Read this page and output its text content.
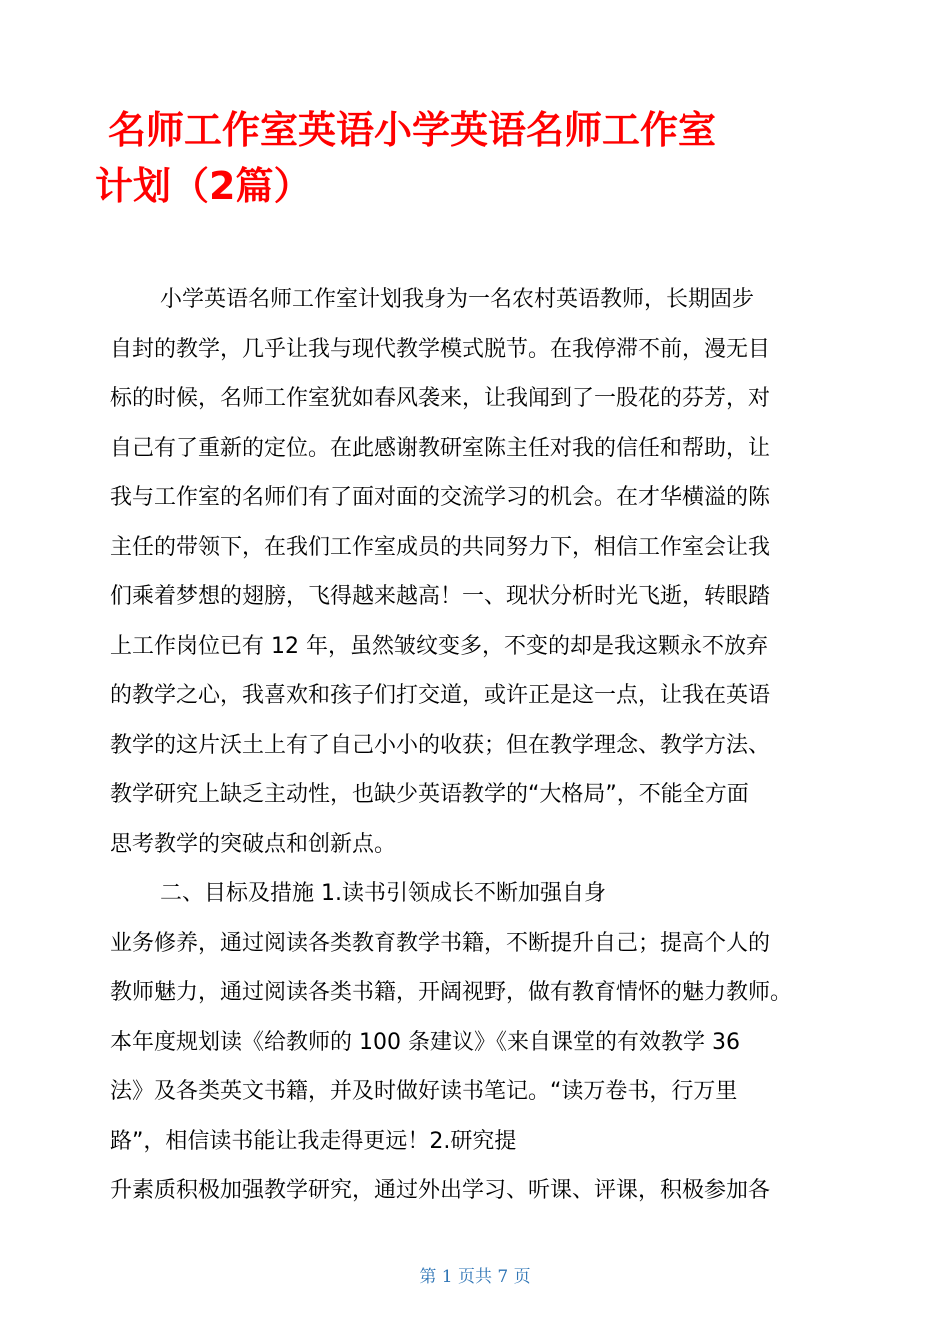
名师工作室英语小学英语名师工作室
计划（2篇）
小学英语名师工作室计划我身为一名农村英语教师，长期固步
自封的教学，几乎让我与现代教学模式脱节。在我停滞不前，漫无目
标的时候，名师工作室犹如春风袭来，让我闻到了一股花的芬芳，对
自己有了重新的定位。在此感谢教研室陈主任对我的信任和帮助，让
我与工作室的名师们有了面对面的交流学习的机会。在才华横溢的陈
主任的带领下，在我们工作室成员的共同努力下，相信工作室会让我
们乘着梦想的翅膀，飞得越来越高！一、现状分析时光飞逝，转眼踏
上工作岗位已有 12 年，虽然皱纹变多，不变的却是我这颗永不放弃
的教学之心，我喜欢和孩子们打交道，或许正是这一点，让我在英语
教学的这片沃土上有了自己小小的收获；但在教学理念、教学方法、
教学研究上缺乏主动性，也缺少英语教学的“大格局”，不能全方面
思考教学的突破点和创新点。
二、目标及措施 1.读书引领成长不断加强自身
业务修养，通过阅读各类教育教学书籍，不断提升自己；提高个人的
教师魅力，通过阅读各类书籍，开阔视野，做有教育情怀的魅力教师。
本年度规划读《给教师的 100 条建议》《来自课堂的有效教学 36
法》及各类英文书籍，并及时做好读书笔记。“读万卷书，行万里
路”，相信读书能让我走得更远！2.研究提
升素质积极加强教学研究，通过外出学习、听课、评课，积极参加各
第 1 页共 7 页
